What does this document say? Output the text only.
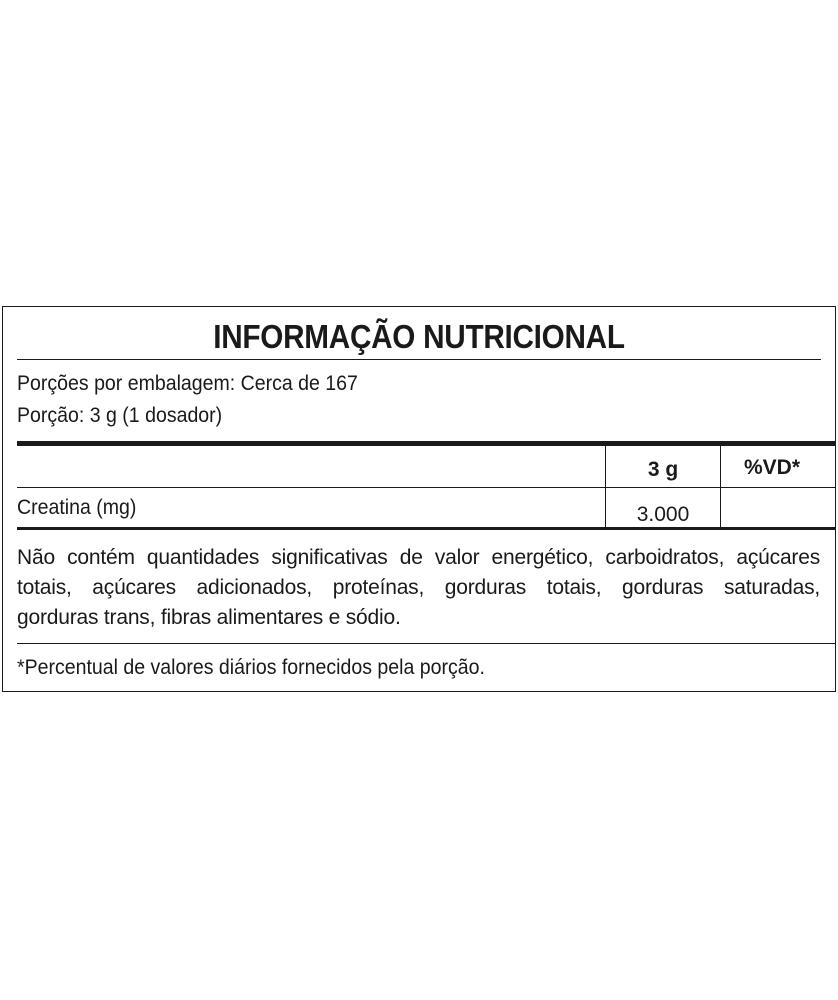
INFORMAÇÃO NUTRICIONAL
Porções por embalagem: Cerca de 167
Porção: 3 g (1 dosador)
3 g	%VD*
Creatina (mg)	3.000
Não contém quantidades significativas de valor energético, carboidratos, açúcares
totais, açúcares adicionados, proteínas, gorduras totais, gorduras saturadas,
gorduras trans, fibras alimentares e sódio.
*Percentual de valores diários fornecidos pela porção.
